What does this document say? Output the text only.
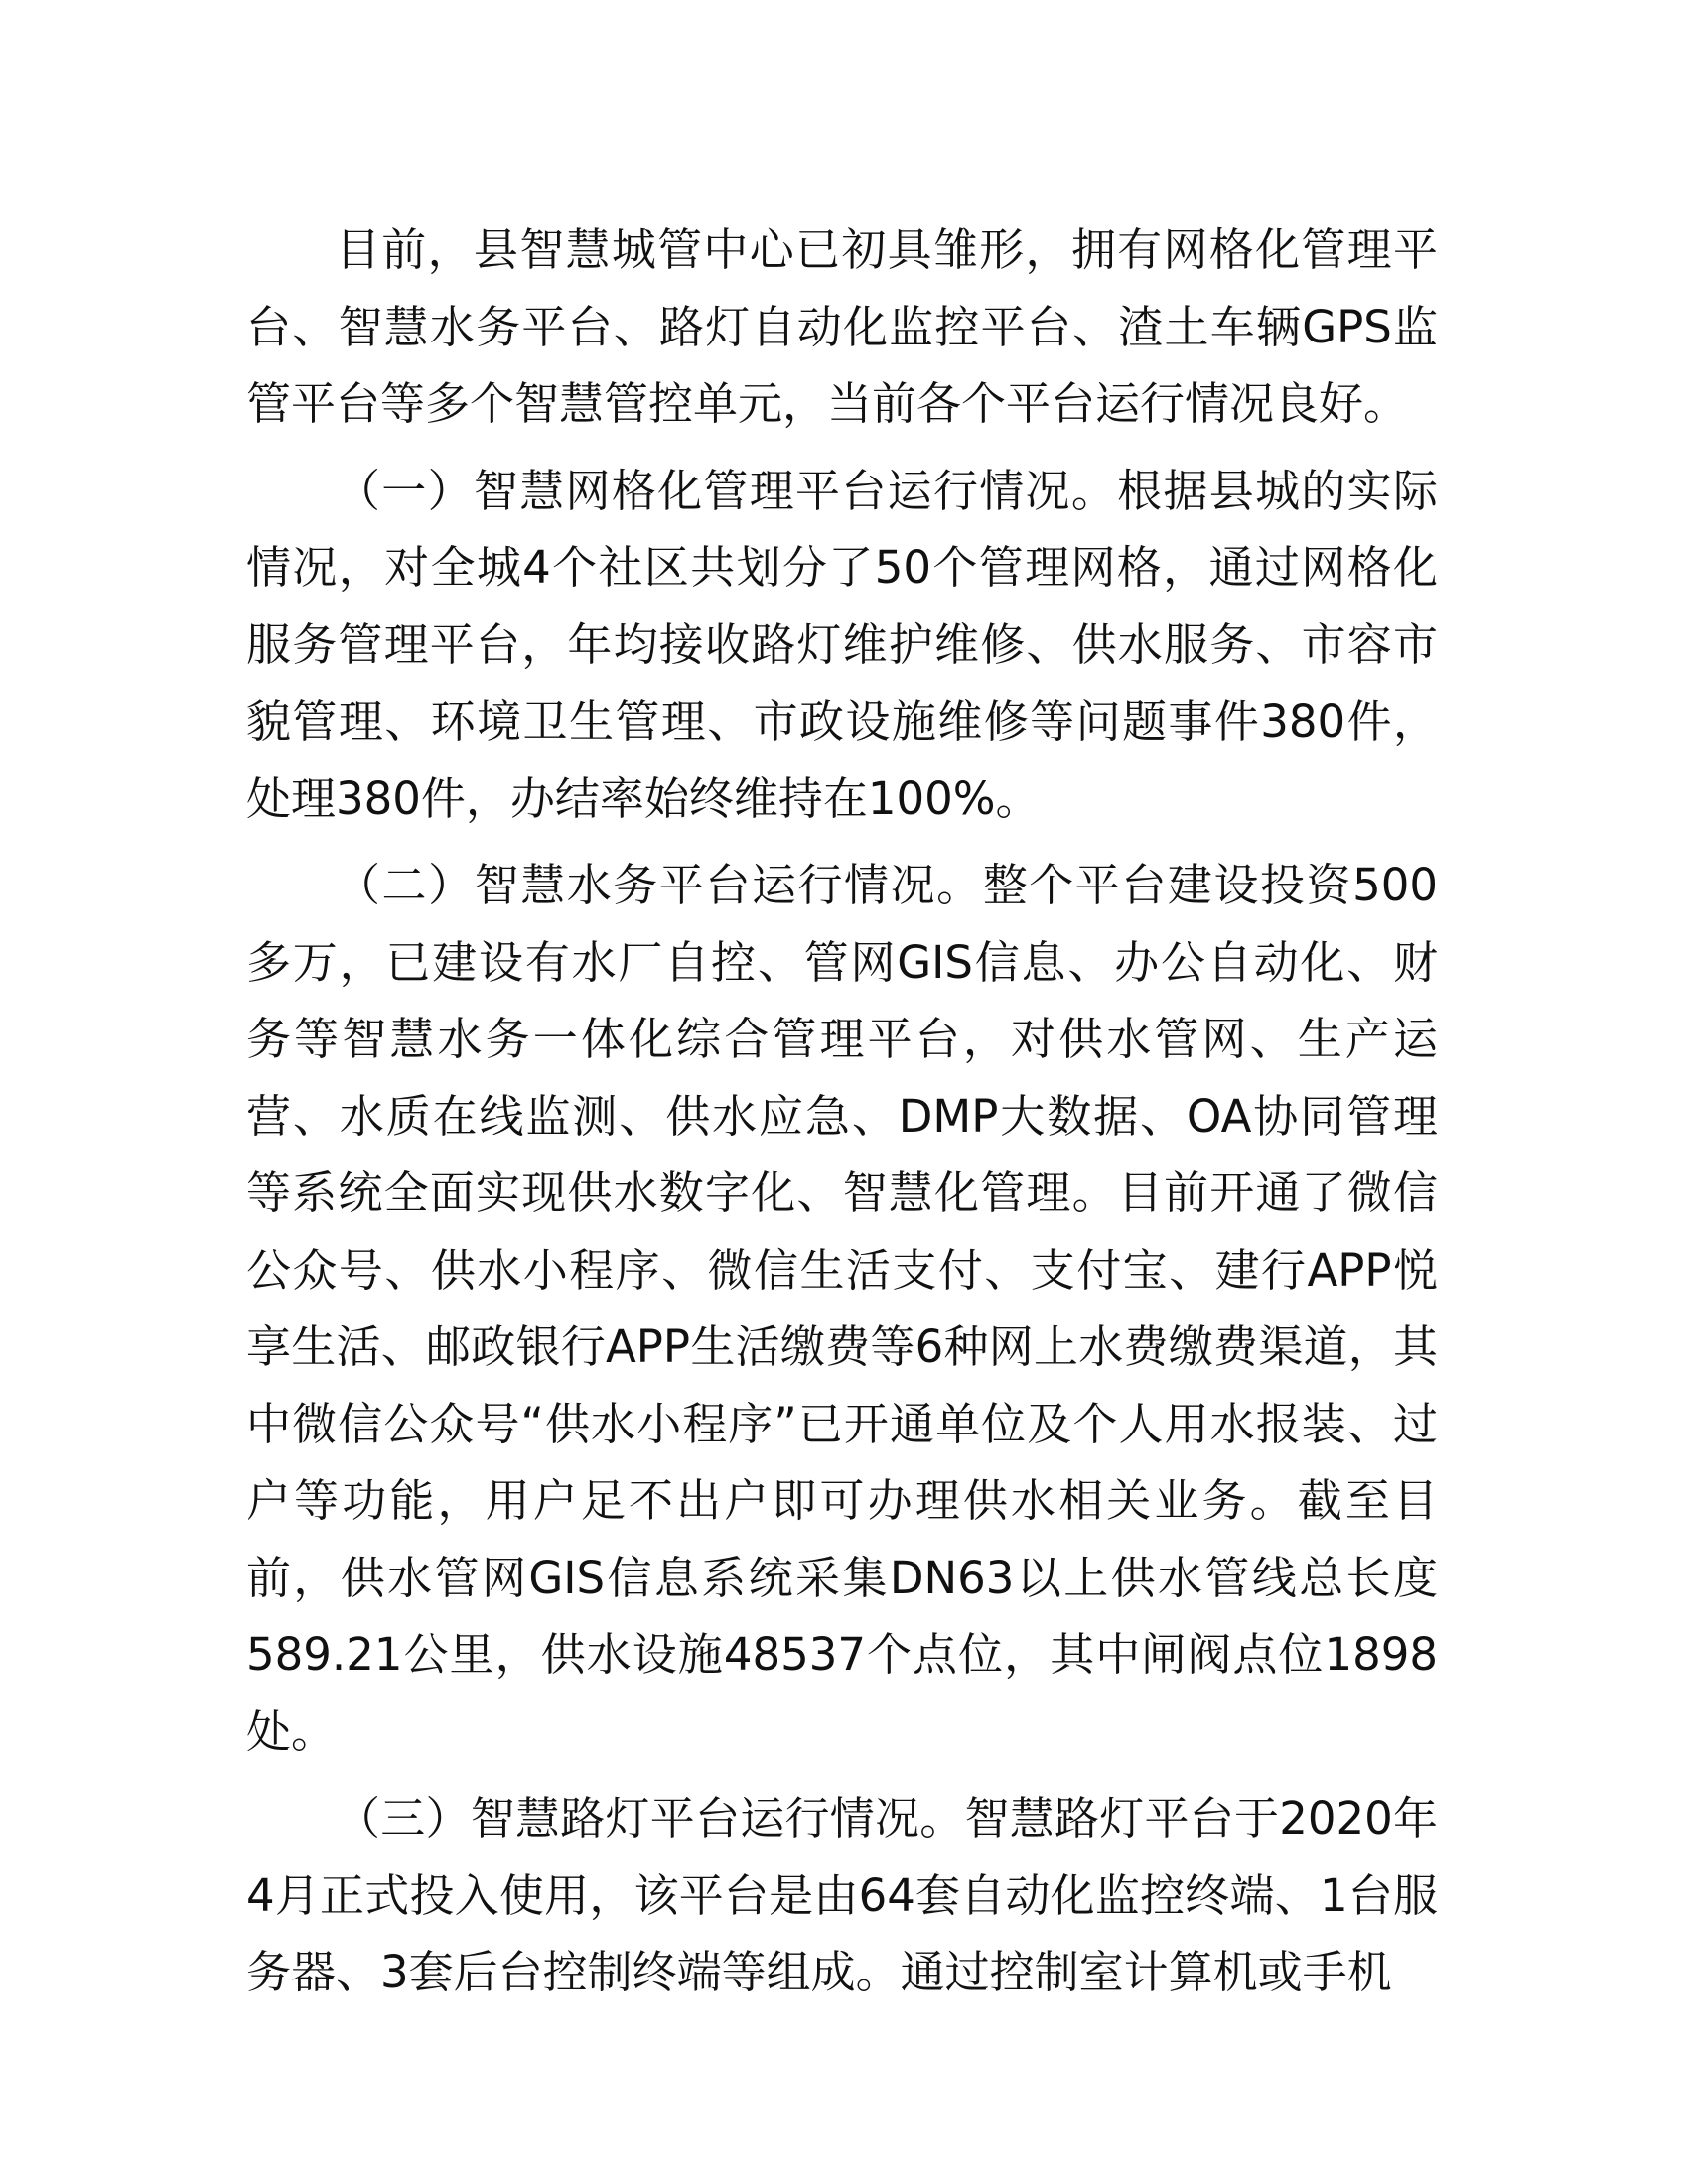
目前，县智慧城管中心已初具雏形，拥有网格化管理平台、智慧水务平台、路灯自动化监控平台、渣土车辆GPS监管平台等多个智慧管控单元，当前各个平台运行情况良好。

（一）智慧网格化管理平台运行情况。根据县城的实际情况，对全城4个社区共划分了50个管理网格，通过网格化服务管理平台，年均接收路灯维护维修、供水服务、市容市貌管理、环境卫生管理、市政设施维修等问题事件380件，处理380件，办结率始终维持在100%。

（二）智慧水务平台运行情况。整个平台建设投资500多万，已建设有水厂自控、管网GIS信息、办公自动化、财务等智慧水务一体化综合管理平台，对供水管网、生产运营、水质在线监测、供水应急、DMP大数据、OA协同管理等系统全面实现供水数字化、智慧化管理。目前开通了微信公众号、供水小程序、微信生活支付、支付宝、建行APP悦享生活、邮政银行APP生活缴费等6种网上水费缴费渠道，其中微信公众号“供水小程序”已开通单位及个人用水报装、过户等功能，用户足不出户即可办理供水相关业务。截至目前，供水管网GIS信息系统采集DN63以上供水管线总长度589.21公里，供水设施48537个点位，其中闸阀点位1898处。

（三）智慧路灯平台运行情况。智慧路灯平台于2020年4月正式投入使用，该平台是由64套自动化监控终端、1台服务器、3套后台控制终端等组成。通过控制室计算机或手机
